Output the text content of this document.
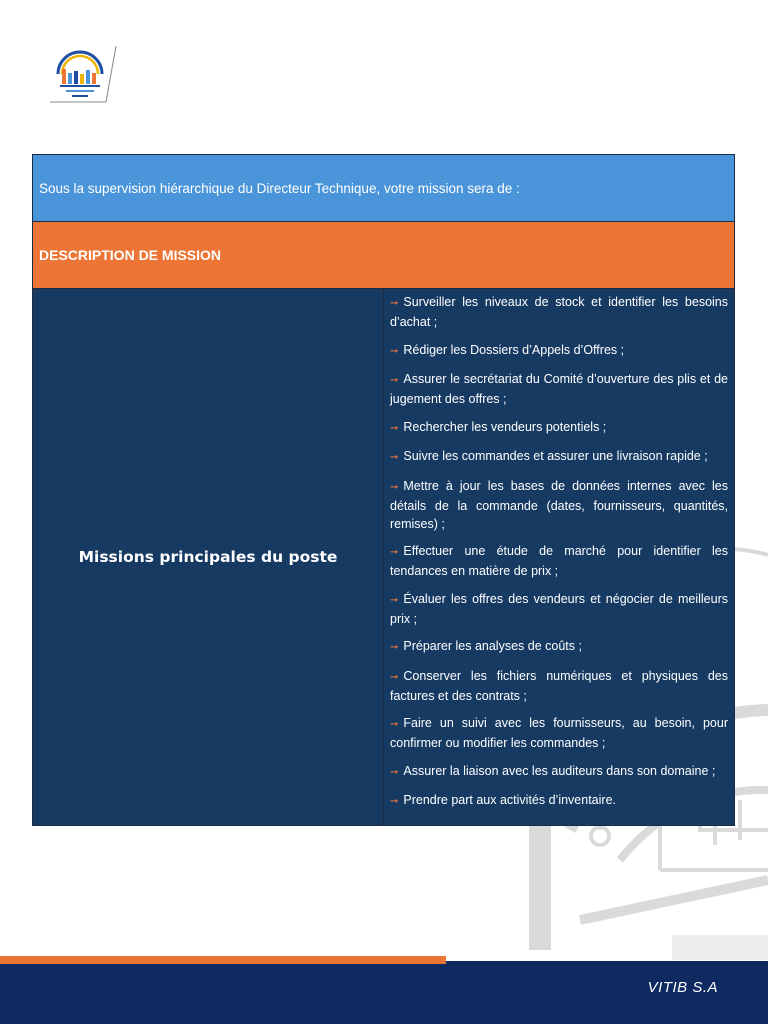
Sous la supervision hiérarchique du Directeur Technique, votre mission sera de :
DESCRIPTION DE MISSION
Missions principales du poste	
➞ Surveiller les niveaux de stock et identifier les besoins d’achat ;
➞ Rédiger les Dossiers d’Appels d’Offres ;
➞ Assurer le secrétariat du Comité d’ouverture des plis et de jugement des offres ;
➞ Rechercher les vendeurs potentiels ;
➞ Suivre les commandes et assurer une livraison rapide ;
➞ Mettre à jour les bases de données internes avec les détails de la commande (dates, fournisseurs, quantités, remises) ;
➞ Effectuer une étude de marché pour identifier les tendances en matière de prix ;
➞ Évaluer les offres des vendeurs et négocier de meilleurs prix ;
➞ Préparer les analyses de coûts ;
➞ Conserver les fichiers numériques et physiques des factures et des contrats ;
➞ Faire un suivi avec les fournisseurs, au besoin, pour confirmer ou modifier les commandes ;
➞ Assurer la liaison avec les auditeurs dans son domaine ;
➞ Prendre part aux activités d’inventaire.
VITIB S.A
